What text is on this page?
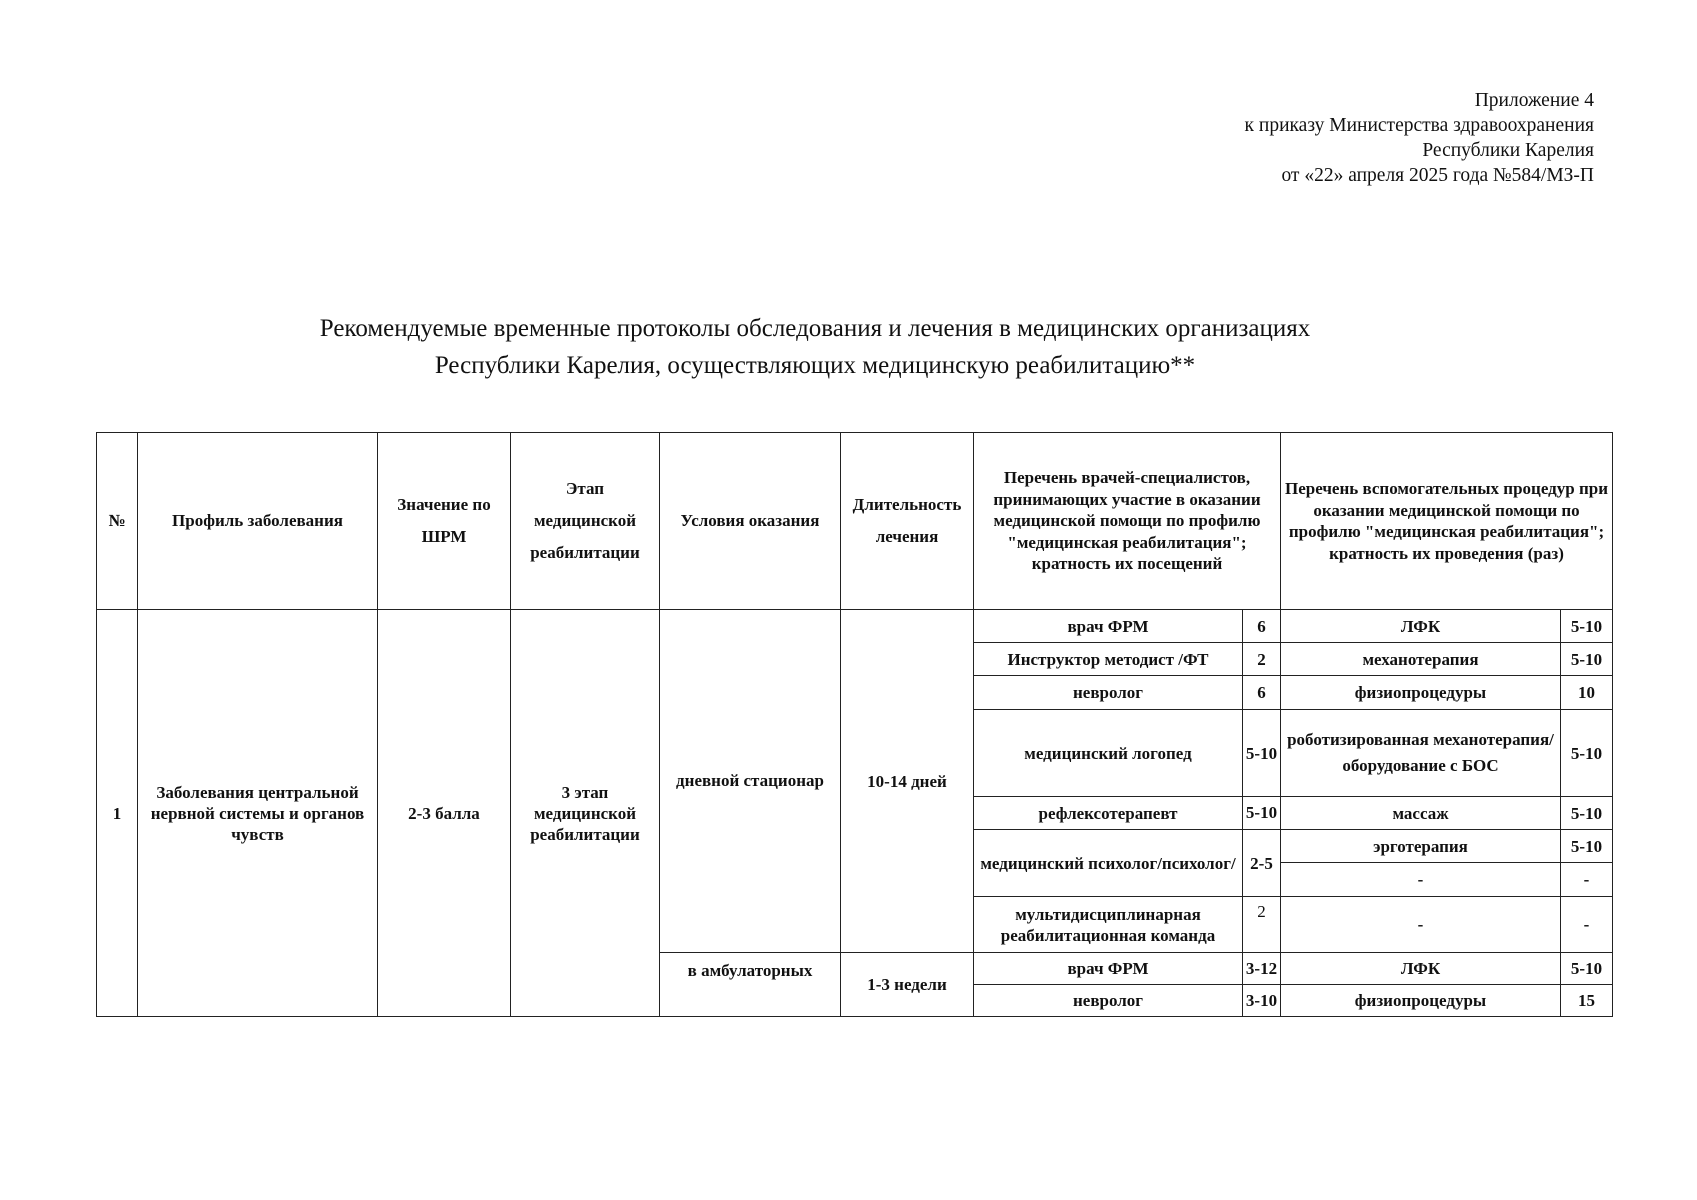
Приложение 4
к приказу Министерства здравоохранения
Республики Карелия
от «22» апреля 2025 года №584/МЗ-П
Рекомендуемые временные протоколы обследования и лечения в медицинских организациях
Республики Карелия, осуществляющих медицинскую реабилитацию**
№	Профиль заболевания	Значение по ШРМ	Этап медицинской реабилитации	Условия оказания	Длительность лечения	Перечень врачей-специалистов, принимающих участие в оказании медицинской помощи по профилю "медицинская реабилитация"; кратность их посещений		Перечень вспомогательных процедур при оказании медицинской помощи по профилю "медицинская реабилитация"; кратность их проведения (раз)	
1	Заболевания центральной нервной системы и органов чувств	2-3 балла	3 этап медицинской реабилитации	дневной стационар	10-14 дней	врач ФРМ	6	ЛФК	5-10
						Инструктор методист /ФТ	2	механотерапия	5-10
						невролог	6	физиопроцедуры	10
						медицинский логопед	5-10	роботизированная механотерапия/оборудование с БОС	5-10
						рефлексотерапевт	5-10	массаж	5-10
						медицинский психолог/психолог/	2-5	эрготерапия	5-10
								-	-
						мультидисциплинарная реабилитационная команда	2	-	-
				в амбулаторных	1-3 недели	врач ФРМ	3-12	ЛФК	5-10
						невролог	3-10	физиопроцедуры	15
